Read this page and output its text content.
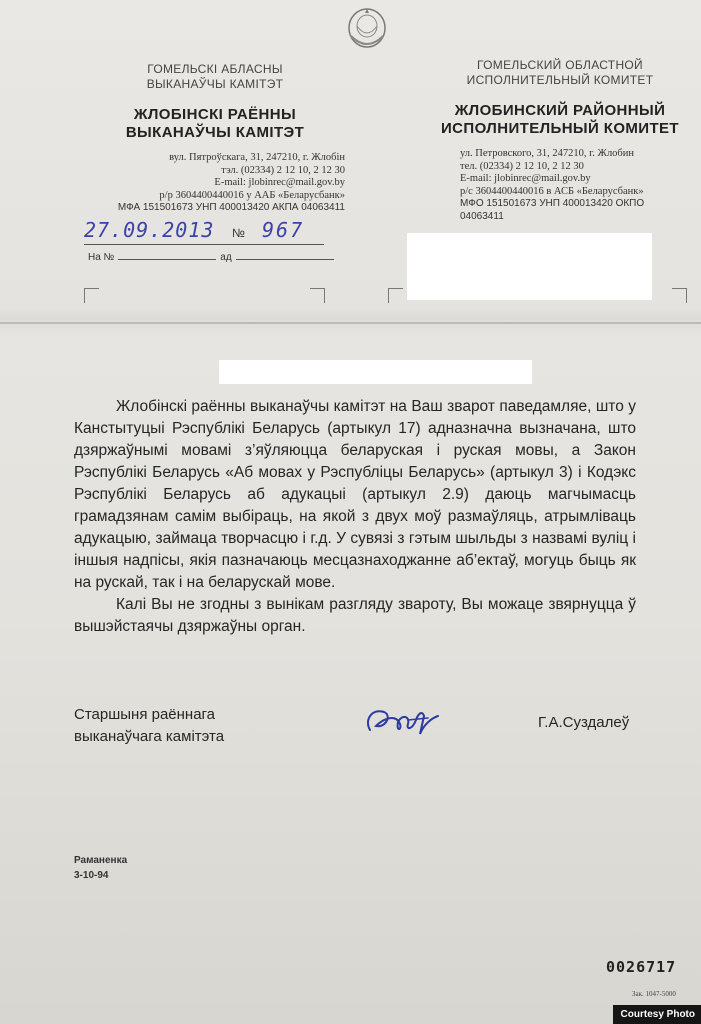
ГОМЕЛЬСКІ АБЛАСНЫ
ВЫКАНАЎЧЫ КАМІТЭТ
ЖЛОБІНСКІ РАЁННЫ
ВЫКАНАЎЧЫ КАМІТЭТ
вул. Пятроўскага, 31, 247210, г. Жлобін
тэл. (02334) 2 12 10, 2 12 30
E-mail: jlobinrec@mail.gov.by
р/р 3604400440016 у ААБ «Беларусбанк»
МФА 151501673 УНП 400013420 АКПА 04063411
ГОМЕЛЬСКИЙ ОБЛАСТНОЙ
ИСПОЛНИТЕЛЬНЫЙ КОМИТЕТ
ЖЛОБИНСКИЙ РАЙОННЫЙ
ИСПОЛНИТЕЛЬНЫЙ КОМИТЕТ
ул. Петровского, 31, 247210, г. Жлобин
тел. (02334) 2 12 10, 2 12 30
E-mail: jlobinrec@mail.gov.by
р/с 3604400440016 в АСБ «Беларусбанк»
МФО 151501673 УНП 400013420 ОКПО 04063411
27.09.2013 № 967
На №	ад

Жлобінскі раённы выканаўчы камітэт на Ваш зварот паведамляе, што у Канстытуцыі Рэспублікі Беларусь (артыкул 17) адназначна вызначана, што дзяржаўнымі мовамі з’яўляюцца беларуская і руская мовы, а Закон Рэспублікі Беларусь «Аб мовах у Рэспубліцы Беларусь» (артыкул 3) і Кодэкс Рэспублікі Беларусь аб адукацыі (артыкул 2.9) даюць магчымасць грамадзянам самім выбіраць, на якой з двух моў размаўляць, атрымліваць адукацыю, займаца творчасцю і г.д. У сувязі з гэтым шыльды з назвамі вуліц і іншыя надпісы, якія пазначаюць месцазнаходжанне аб’ектаў, могуць быць як на рускай, так і на беларускай мове.

Калі Вы не згодны з вынікам разгляду звароту, Вы можаце звярнуцца ў вышэйстаячы дзяржаўны орган.

Старшыня раённага
выканаўчага камітэта
Г.А.Суздалеў
Раманенка
3-10-94
0026717
Зак. 1047-5000
Courtesy Photo
